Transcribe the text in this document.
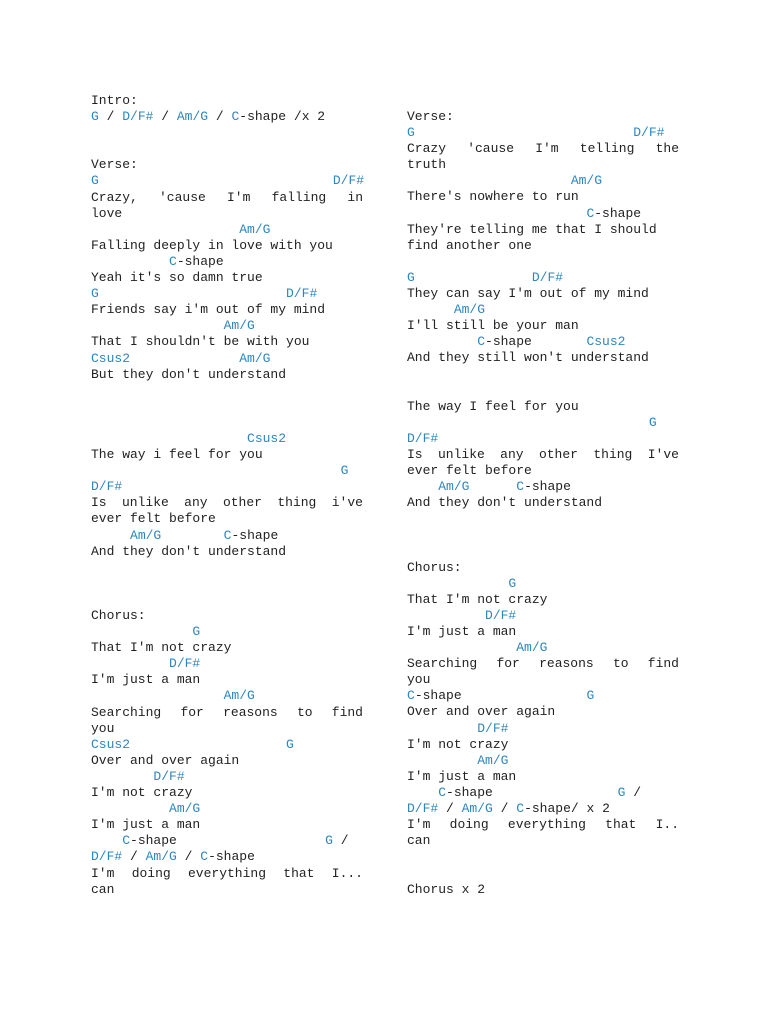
Intro:
G / D/F# / Am/G / C-shape /x 2
Verse:
G	D/F#
Crazy, 'cause I'm falling in
love
Am/G
Falling deeply in love with you
C-shape
Yeah it's so damn true
G	D/F#
Friends say i'm out of my mind
Am/G
That I shouldn't be with you
Csus2	Am/G
But they don't understand
Csus2
The way i feel for you
G
D/F#
Is unlike any other thing i've
ever felt before
Am/G	C-shape
And they don't understand
Chorus:
G
That I'm not crazy
D/F#
I'm just a man
Am/G
Searching for reasons to find
you
Csus2	G
Over and over again
D/F#
I'm not crazy
Am/G
I'm just a man
C-shape                   G /
D/F# / Am/G / C-shape
I'm doing everything that I...
can
Verse:
G	D/F#
Crazy 'cause I'm telling the
truth
Am/G
There's nowhere to run
C-shape
They're telling me that I should
find another one
G	D/F#
They can say I'm out of my mind
Am/G
I'll still be your man
C-shape       Csus2
And they still won't understand
The way I feel for you
G
D/F#
Is unlike any other thing I've
ever felt before
Am/G	C-shape
And they don't understand
Chorus:
G
That I'm not crazy
D/F#
I'm just a man
Am/G
Searching for reasons to find
you
C-shape                G
Over and over again
D/F#
I'm not crazy
Am/G
I'm just a man
C-shape                G /
D/F# / Am/G / C-shape/ x 2
I'm doing everything that I..
can
Chorus x 2
